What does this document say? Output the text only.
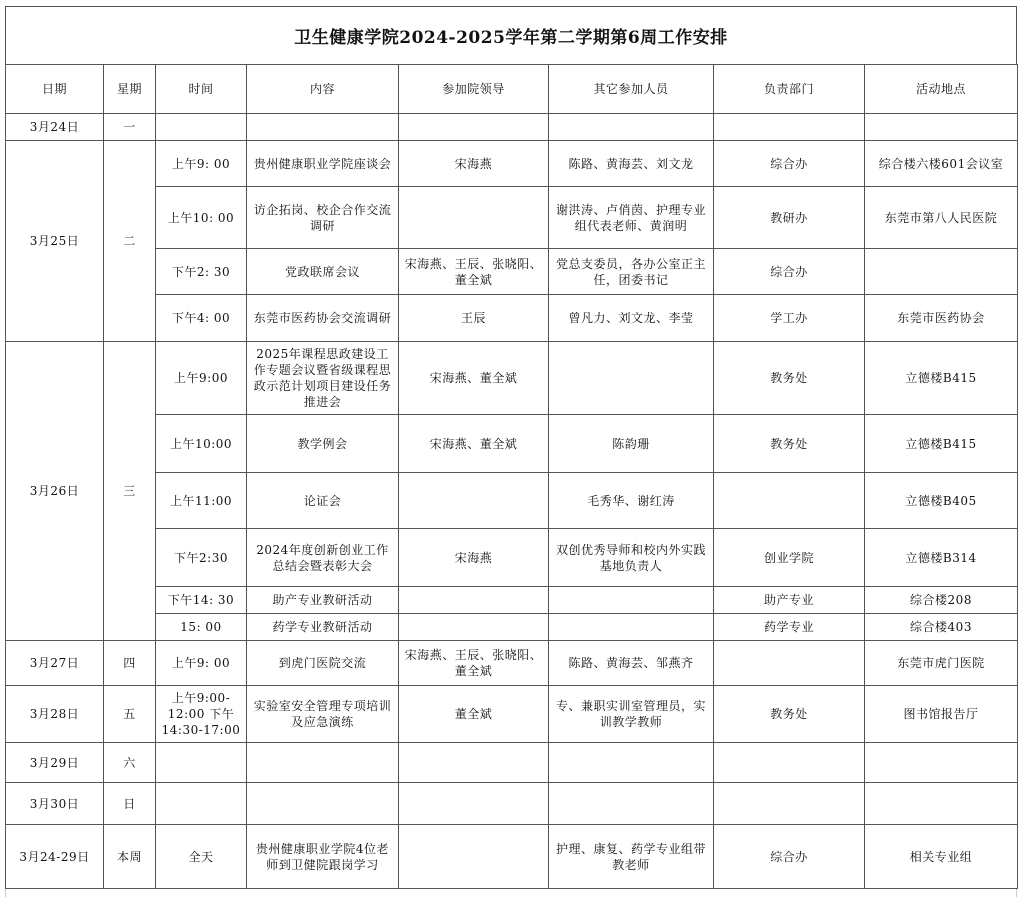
卫生健康学院2024-2025学年第二学期第6周工作安排
日期	星期	时间	内容	参加院领导	其它参加人员	负责部门	活动地点
3月24日	一						
3月25日	二	上午9: 00	贵州健康职业学院座谈会	宋海燕	陈路、黄海芸、刘文龙	综合办	综合楼六楼601会议室
		上午10: 00	访企拓岗、校企合作交流调研		谢洪涛、卢俏茵、护理专业组代表老师、黄润明	教研办	东莞市第八人民医院
		下午2: 30	党政联席会议	宋海燕、王辰、张晓阳、董全斌	党总支委员，各办公室正主任，团委书记	综合办	
		下午4: 00	东莞市医药协会交流调研	王辰	曾凡力、刘文龙、李莹	学工办	东莞市医药协会
3月26日	三	上午9:00	2025年课程思政建设工作专题会议暨省级课程思政示范计划项目建设任务推进会	宋海燕、董全斌		教务处	立德楼B415
		上午10:00	教学例会	宋海燕、董全斌	陈韵珊	教务处	立德楼B415
		上午11:00	论证会		毛秀华、谢红涛		立德楼B405
		下午2:30	2024年度创新创业工作总结会暨表彰大会	宋海燕	双创优秀导师和校内外实践基地负责人	创业学院	立德楼B314
		下午14: 30	助产专业教研活动			助产专业	综合楼208
		15: 00	药学专业教研活动			药学专业	综合楼403
3月27日	四	上午9: 00	到虎门医院交流	宋海燕、王辰、张晓阳、董全斌	陈路、黄海芸、邹燕齐		东莞市虎门医院
3月28日	五	上午9:00-12:00 下午14:30-17:00	实验室安全管理专项培训及应急演练	董全斌	专、兼职实训室管理员，实训教学教师	教务处	图书馆报告厅
3月29日	六						
3月30日	日						
3月24-29日	本周	全天	贵州健康职业学院4位老师到卫健院跟岗学习		护理、康复、药学专业组带教老师	综合办	相关专业组
